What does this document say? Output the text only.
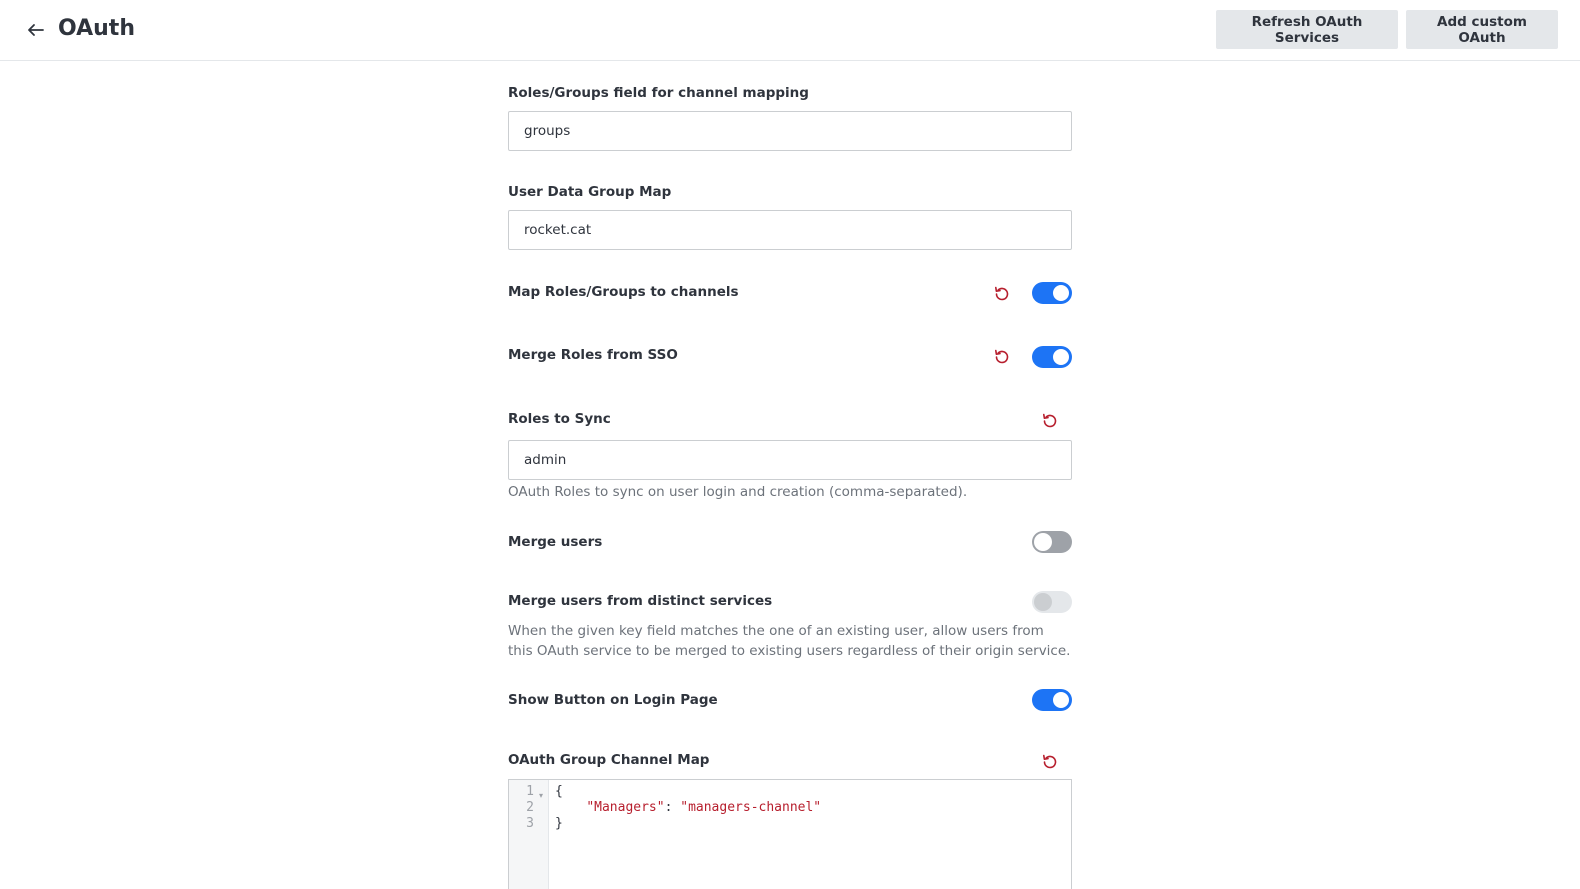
OAuth	Refresh OAuth Services
Add custom OAuth
Roles/Groups field for channel mapping
groups
User Data Group Map
rocket.cat
Map Roles/Groups to channels
Merge Roles from SSO
Roles to Sync
admin
OAuth Roles to sync on user login and creation (comma-separated).
Merge users
Merge users from distinct services
When the given key field matches the one of an existing user, allow users from this OAuth service to be merged to existing users regardless of their origin service.
Show Button on Login Page
OAuth Group Channel Map
1 ▾
2
3
{
"Managers": "managers-channel"
}
